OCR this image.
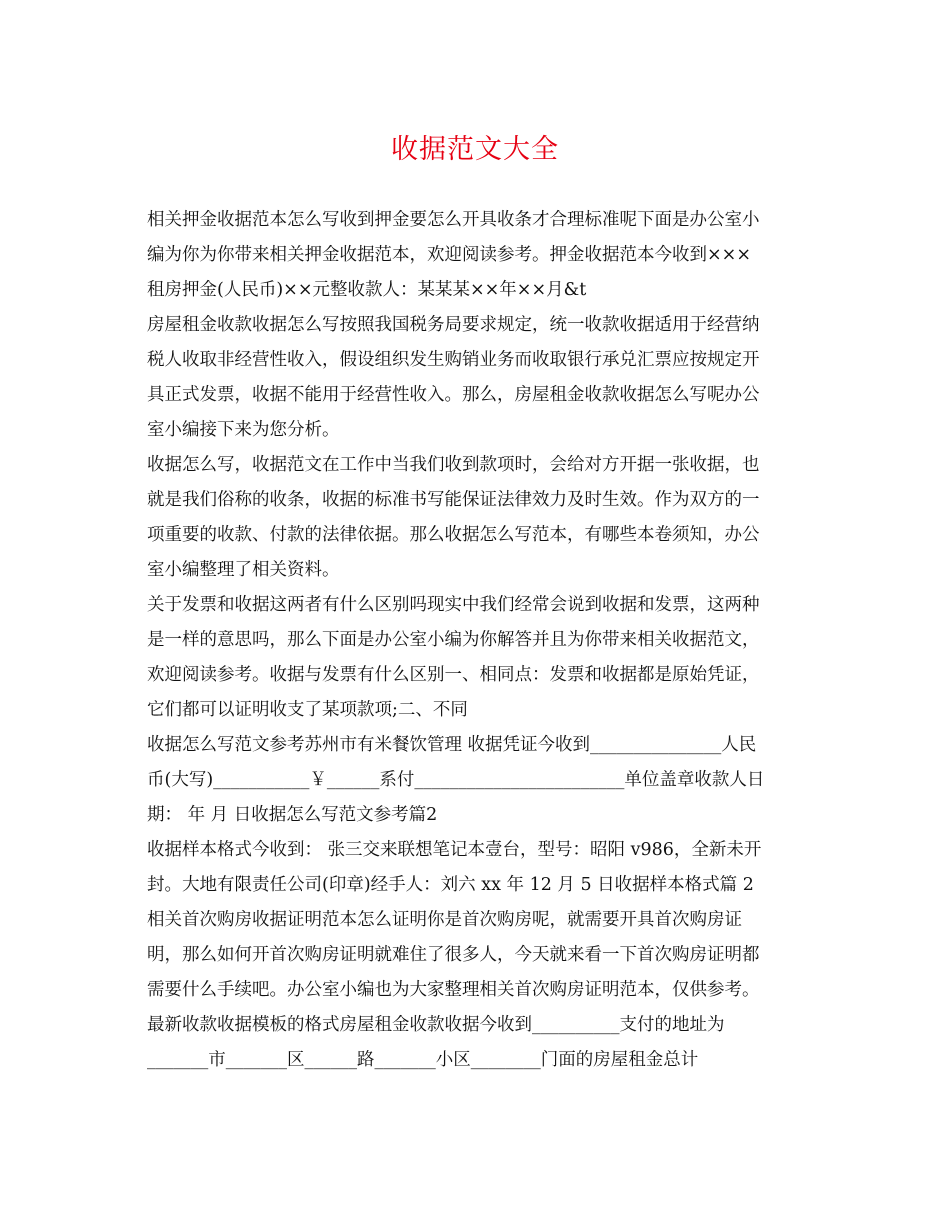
收据范文大全
相关押金收据范本怎么写收到押金要怎么开具收条才合理标准呢下面是办公室小
编为你为你带来相关押金收据范本，欢迎阅读参考。押金收据范本今收到×××
租房押金(人民币)××元整收款人：某某某××年××月&t
房屋租金收款收据怎么写按照我国税务局要求规定，统一收款收据适用于经营纳
税人收取非经营性收入，假设组织发生购销业务而收取银行承兑汇票应按规定开
具正式发票，收据不能用于经营性收入。那么，房屋租金收款收据怎么写呢办公
室小编接下来为您分析。
收据怎么写，收据范文在工作中当我们收到款项时，会给对方开据一张收据，也
就是我们俗称的收条，收据的标准书写能保证法律效力及时生效。作为双方的一
项重要的收款、付款的法律依据。那么收据怎么写范本，有哪些本卷须知，办公
室小编整理了相关资料。
关于发票和收据这两者有什么区别吗现实中我们经常会说到收据和发票，这两种
是一样的意思吗，那么下面是办公室小编为你解答并且为你带来相关收据范文，
欢迎阅读参考。收据与发票有什么区别一、相同点：发票和收据都是原始凭证，
它们都可以证明收支了某项款项;二、不同
收据怎么写范文参考苏州市有米餐饮管理 收据凭证今收到_______________人民
币(大写)___________￥______系付________________________单位盖章收款人日
期： 年 月 日收据怎么写范文参考篇2
收据样本格式今收到： 张三交来联想笔记本壹台，型号：昭阳 v986，全新未开
封。大地有限责任公司(印章)经手人：刘六 xx 年 12 月 5 日收据样本格式篇 2
相关首次购房收据证明范本怎么证明你是首次购房呢，就需要开具首次购房证
明，那么如何开首次购房证明就难住了很多人，今天就来看一下首次购房证明都
需要什么手续吧。办公室小编也为大家整理相关首次购房证明范本，仅供参考。
最新收款收据模板的格式房屋租金收款收据今收到__________支付的地址为
_______市_______区______路_______小区________门面的房屋租金总计
